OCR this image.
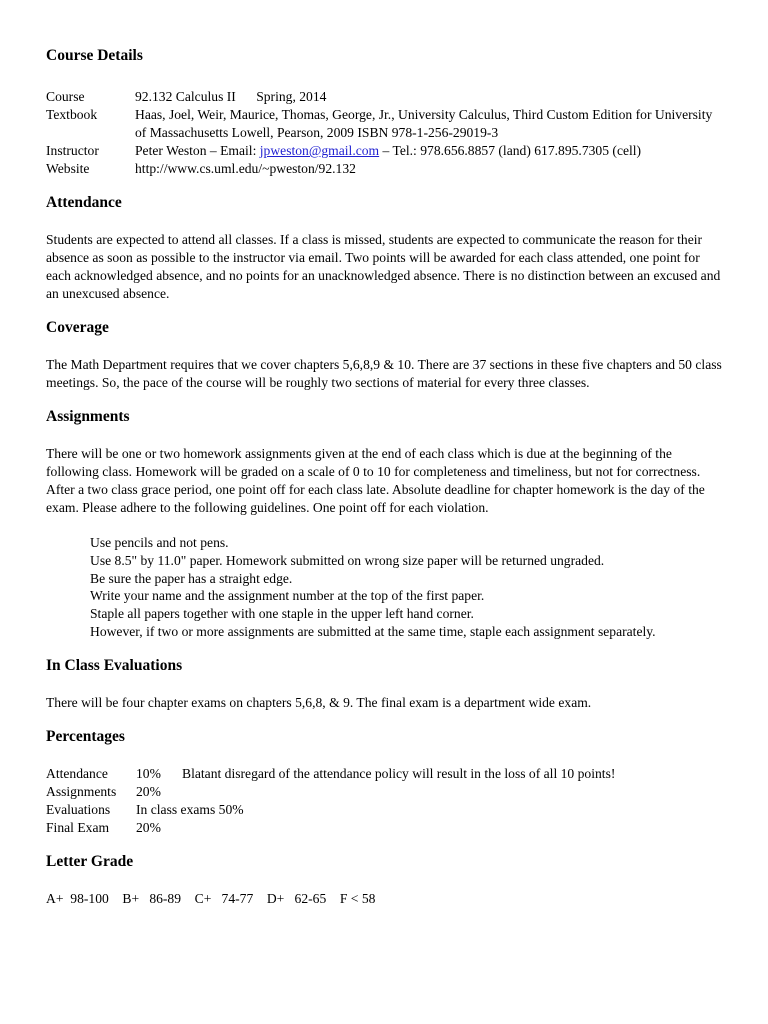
Course Details
Course	92.132 Calculus II      Spring, 2014
Textbook	Haas, Joel, Weir, Maurice, Thomas, George, Jr., University Calculus, Third Custom Edition for University of Massachusetts Lowell, Pearson, 2009 ISBN 978-1-256-29019-3
Instructor	Peter Weston – Email: jpweston@gmail.com – Tel.: 978.656.8857 (land) 617.895.7305 (cell)
Website	http://www.cs.uml.edu/~pweston/92.132
Attendance

Students are expected to attend all classes. If a class is missed, students are expected to communicate the reason for their absence as soon as possible to the instructor via email. Two points will be awarded for each class attended, one point for each acknowledged absence, and no points for an unacknowledged absence. There is no distinction between an excused and an unexcused absence.

Coverage

The Math Department requires that we cover chapters 5,6,8,9 & 10. There are 37 sections in these five chapters and 50 class meetings. So, the pace of the course will be roughly two sections of material for every three classes.

Assignments

There will be one or two homework assignments given at the end of each class which is due at the beginning of the following class. Homework will be graded on a scale of 0 to 10 for completeness and timeliness, but not for correctness. After a two class grace period, one point off for each class late. Absolute deadline for chapter homework is the day of the exam. Please adhere to the following guidelines. One point off for each violation.

Use pencils and not pens.
Use 8.5" by 11.0" paper. Homework submitted on wrong size paper will be returned ungraded.
Be sure the paper has a straight edge.
Write your name and the assignment number at the top of the first paper.
Staple all papers together with one staple in the upper left hand corner.
However, if two or more assignments are submitted at the same time, staple each assignment separately.
In Class Evaluations

There will be four chapter exams on chapters 5,6,8, & 9. The final exam is a department wide exam.

Percentages
Attendance	10%	Blatant disregard of the attendance policy will result in the loss of all 10 points!
Assignments	20%	
Evaluations	In class exams 50%	
Final Exam	20%	
Letter Grade

A+  98-100    B+   86-89    C+   74-77    D+   62-65    F < 58
